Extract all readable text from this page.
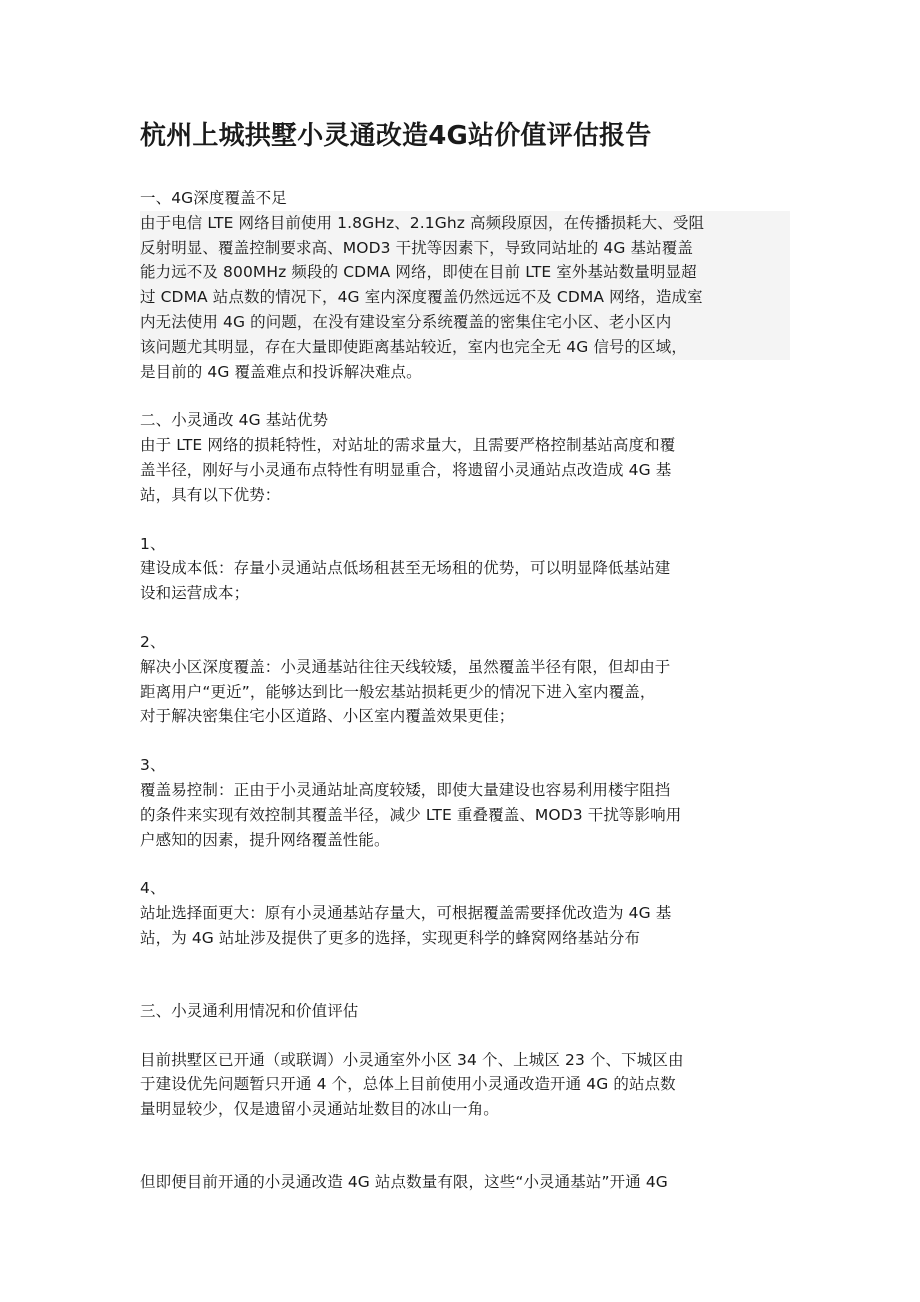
杭州上城拱墅小灵通改造4G站价值评估报告
一、4G深度覆盖不足
由于电信 LTE 网络目前使用 1.8GHz、2.1Ghz 高频段原因，在传播损耗大、受阻
反射明显、覆盖控制要求高、MOD3 干扰等因素下，导致同站址的 4G 基站覆盖
能力远不及 800MHz 频段的 CDMA 网络，即使在目前 LTE 室外基站数量明显超
过 CDMA 站点数的情况下，4G 室内深度覆盖仍然远远不及 CDMA 网络，造成室
内无法使用 4G 的问题，在没有建设室分系统覆盖的密集住宅小区、老小区内
该问题尤其明显，存在大量即使距离基站较近，室内也完全无 4G 信号的区域，
是目前的 4G 覆盖难点和投诉解决难点。
二、小灵通改 4G 基站优势
由于 LTE 网络的损耗特性，对站址的需求量大，且需要严格控制基站高度和覆
盖半径，刚好与小灵通布点特性有明显重合，将遗留小灵通站点改造成 4G 基
站，具有以下优势：
1、
建设成本低：存量小灵通站点低场租甚至无场租的优势，可以明显降低基站建
设和运营成本；
2、
解决小区深度覆盖：小灵通基站往往天线较矮，虽然覆盖半径有限，但却由于
距离用户“更近”，能够达到比一般宏基站损耗更少的情况下进入室内覆盖，
对于解决密集住宅小区道路、小区室内覆盖效果更佳；
3、
覆盖易控制：正由于小灵通站址高度较矮，即使大量建设也容易利用楼宇阻挡
的条件来实现有效控制其覆盖半径，减少 LTE 重叠覆盖、MOD3 干扰等影响用
户感知的因素，提升网络覆盖性能。
4、
站址选择面更大：原有小灵通基站存量大，可根据覆盖需要择优改造为 4G 基
站，为 4G 站址涉及提供了更多的选择，实现更科学的蜂窝网络基站分布
三、小灵通利用情况和价值评估
目前拱墅区已开通（或联调）小灵通室外小区 34 个、上城区 23 个、下城区由
于建设优先问题暂只开通 4 个，总体上目前使用小灵通改造开通 4G 的站点数
量明显较少，仅是遗留小灵通站址数目的冰山一角。
但即便目前开通的小灵通改造 4G 站点数量有限，这些“小灵通基站”开通 4G
